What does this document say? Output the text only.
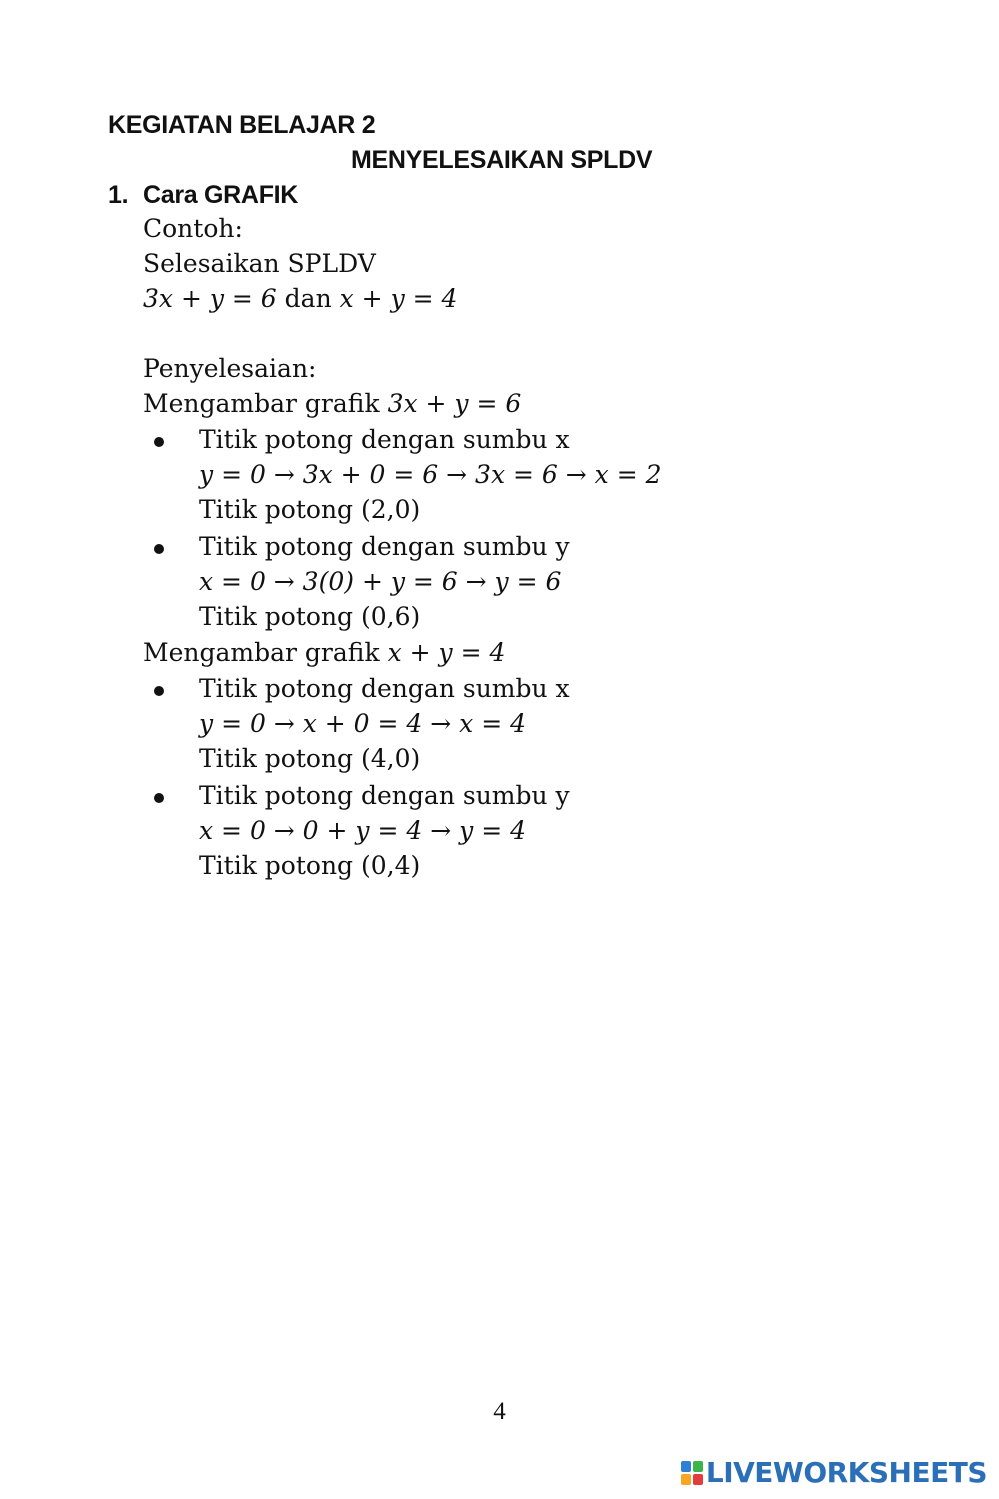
KEGIATAN BELAJAR 2
MENYELESAIKAN SPLDV
1. Cara GRAFIK
Contoh:
Selesaikan SPLDV
3x + y = 6 dan x + y = 4
Penyelesaian:
Mengambar grafik 3x + y = 6
Titik potong dengan sumbu x
y = 0 → 3x + 0 = 6 → 3x = 6 → x = 2
Titik potong (2,0)
Titik potong dengan sumbu y
x = 0 → 3(0) + y = 6 → y = 6
Titik potong (0,6)
Mengambar grafik x + y = 4
Titik potong dengan sumbu x
y = 0 → x + 0 = 4 → x = 4
Titik potong (4,0)
Titik potong dengan sumbu y
x = 0 → 0 + y = 4 → y = 4
Titik potong (0,4)
4
LIVEWORKSHEETS
